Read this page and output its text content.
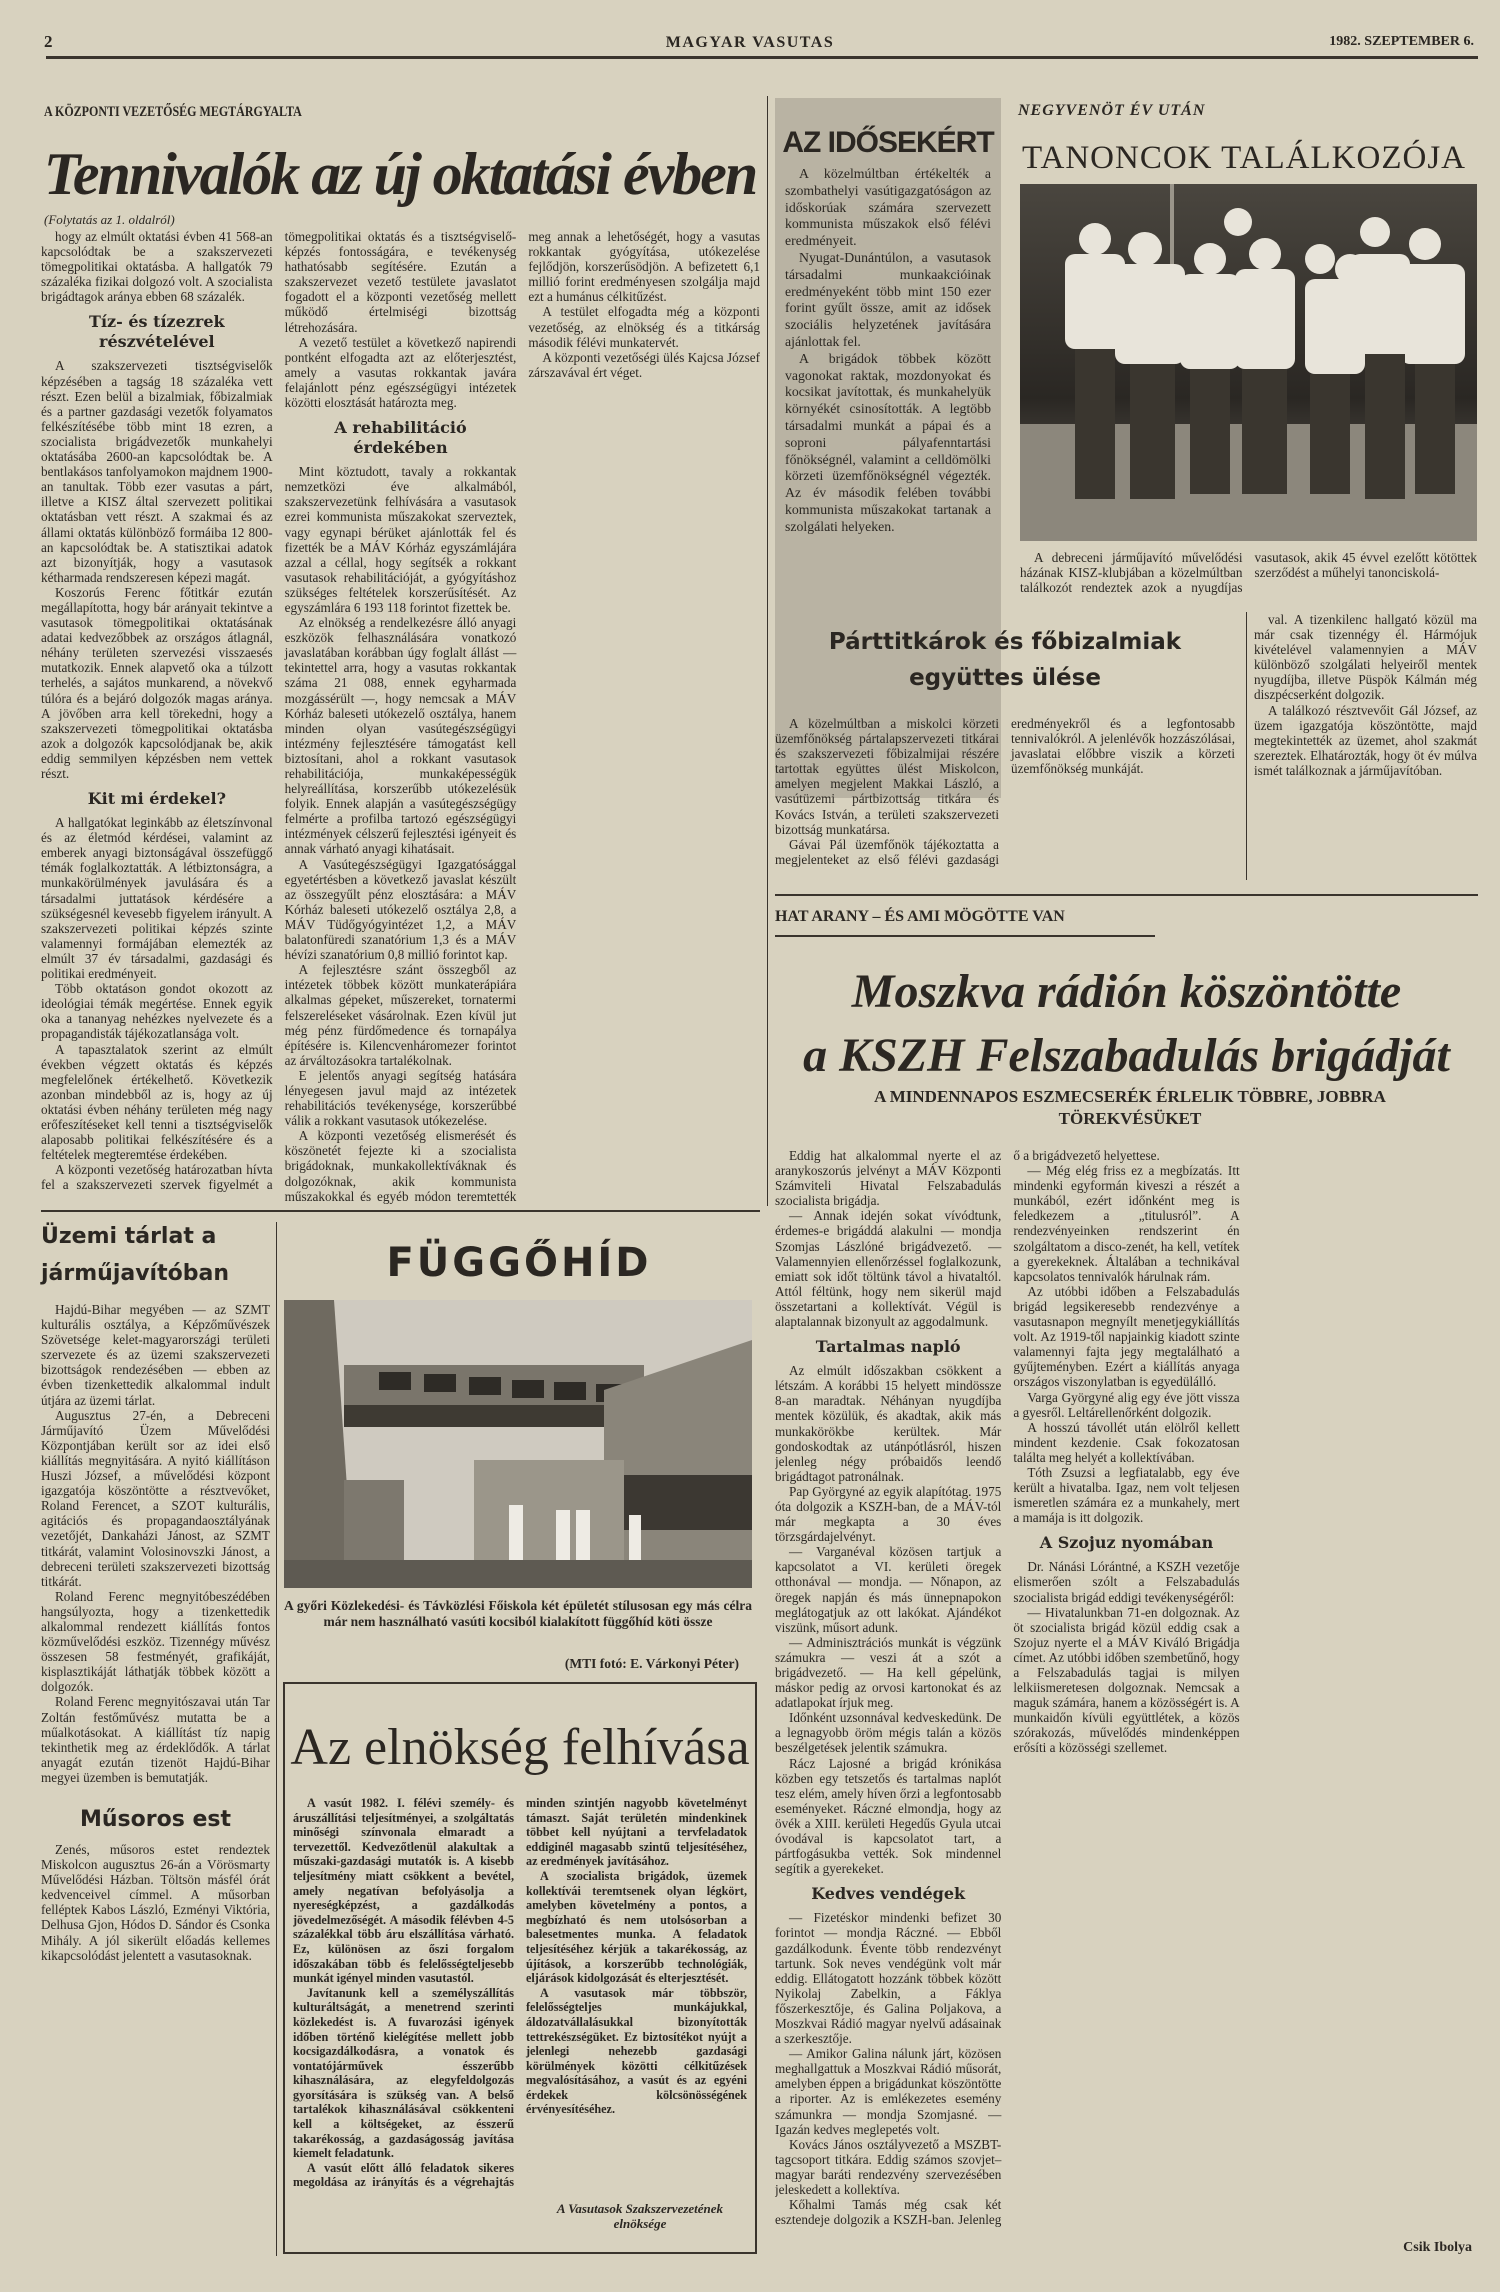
2	MAGYAR VASUTAS	1982. SZEPTEMBER 6.
A KÖZPONTI VEZETŐSÉG MEGTÁRGYALTA
Tennivalók az új oktatási évben
(Folytatás az 1. oldalról)

hogy az elmúlt oktatási évben 41 568-an kapcsolódtak be a szakszervezeti tömegpolitikai oktatásba. A hallgatók 79 százaléka fizikai dolgozó volt. A szocialista brigádtagok aránya ebben 68 százalék.

Tíz- és tízezrek részvételével

A szakszervezeti tisztségviselők képzésében a tagság 18 százaléka vett részt. Ezen belül a bizalmiak, főbizalmiak és a partner gazdasági vezetők folyamatos felkészítésébe több mint 18 ezren, a szocialista brigádvezetők munkahelyi oktatásába 2600-an kapcsolódtak be. A bentlakásos tanfolyamokon majdnem 1900-an tanultak. Több ezer vasutas a párt, illetve a KISZ által szervezett politikai oktatásban vett részt. A szakmai és az állami oktatás különböző formáiba 12 800-an kapcsolódtak be. A statisztikai adatok azt bizonyítják, hogy a vasutasok kétharmada rendszeresen képezi magát.

Koszorús Ferenc főtitkár ezután megállapította, hogy bár arányait tekintve a vasutasok tömegpolitikai oktatásának adatai kedvezőbbek az országos átlagnál, néhány területen szervezési visszaesés mutatkozik. Ennek alapvető oka a túlzott terhelés, a sajátos munkarend, a növekvő túlóra és a bejáró dolgozók magas aránya. A jövőben arra kell törekedni, hogy a szakszervezeti tömegpolitikai oktatásba azok a dolgozók kapcsolódjanak be, akik eddig semmilyen képzésben nem vettek részt.

Kit mi érdekel?

A hallgatókat leginkább az életszínvonal és az életmód kérdései, valamint az emberek anyagi biztonságával összefüggő témák foglalkoztatták. A létbiztonságra, a munkakörülmények javulására és a társadalmi juttatások kérdésére a szükségesnél kevesebb figyelem irányult. A szakszervezeti politikai képzés szinte valamennyi formájában elemezték az elmúlt 37 év társadalmi, gazdasági és politikai eredményeit.

Több oktatáson gondot okozott az ideológiai témák megértése. Ennek egyik oka a tananyag nehézkes nyelvezete és a propagandisták tájékozatlansága volt.

A tapasztalatok szerint az elmúlt években végzett oktatás és képzés megfelelőnek értékelhető. Következik azonban mindebből az is, hogy az új oktatási évben néhány területen még nagy erőfeszítéseket kell tenni a tisztségviselők alaposabb politikai felkészítésére és a feltételek megteremtése érdekében.

A központi vezetőség határozatban hívta fel a szakszervezeti szervek figyelmét a tömegpolitikai oktatás és a tisztségviselő-képzés fontosságára, e tevékenység hathatósabb segítésére. Ezután a szakszervezet vezető testülete javaslatot fogadott el a központi vezetőség mellett működő értelmiségi bizottság létrehozására.

A vezető testület a következő napirendi pontként elfogadta azt az előterjesztést, amely a vasutas rokkantak javára felajánlott pénz egészségügyi intézetek közötti elosztását határozta meg.

A rehabilitáció érdekében

Mint köztudott, tavaly a rokkantak nemzetközi éve alkalmából, szakszervezetünk felhívására a vasutasok ezrei kommunista műszakokat szerveztek, vagy egynapi bérüket ajánlották fel és fizették be a MÁV Kórház egyszámlájára azzal a céllal, hogy segítsék a rokkant vasutasok rehabilitációját, a gyógyításhoz szükséges feltételek korszerűsítését. Az egyszámlára 6 193 118 forintot fizettek be.

Az elnökség a rendelkezésre álló anyagi eszközök felhasználására vonatkozó javaslatában korábban úgy foglalt állást — tekintettel arra, hogy a vasutas rokkantak száma 21 088, ennek egyharmada mozgássérült —, hogy nemcsak a MÁV Kórház baleseti utókezelő osztálya, hanem minden olyan vasútegészségügyi intézmény fejlesztésére támogatást kell biztosítani, ahol a rokkant vasutasok rehabilitációja, munkaképességük helyreállítása, korszerűbb utókezelésük folyik. Ennek alapján a vasútegészségügy felmérte a profilba tartozó egészségügyi intézmények célszerű fejlesztési igényeit és annak várható anyagi kihatásait.

A Vasútegészségügyi Igazgatósággal egyetértésben a következő javaslat készült az összegyűlt pénz elosztására: a MÁV Kórház baleseti utókezelő osztálya 2,8, a MÁV Tüdőgyógyintézet 1,2, a MÁV balatonfüredi szanatórium 1,3 és a MÁV hévízi szanatórium 0,8 millió forintot kap.

A fejlesztésre szánt összegből az intézetek többek között munkaterápiára alkalmas gépeket, műszereket, tornatermi felszereléseket vásárolnak. Ezen kívül jut még pénz fürdőmedence és tornapálya építésére is. Kilencvenháromezer forintot az árváltozásokra tartalékolnak.

E jelentős anyagi segítség hatására lényegesen javul majd az intézetek rehabilitációs tevékenysége, korszerűbbé válik a rokkant vasutasok utókezelése.

A központi vezetőség elismerését és köszönetét fejezte ki a szocialista brigádoknak, munkakollektíváknak és dolgozóknak, akik kommunista műszakokkal és egyéb módon teremtették meg annak a lehetőségét, hogy a vasutas rokkantak gyógyítása, utókezelése fejlődjön, korszerűsödjön. A befizetett 6,1 millió forint eredményesen szolgálja majd ezt a humánus célkitűzést.

A testület elfogadta még a központi vezetőség, az elnökség és a titkárság második félévi munkatervét.

A központi vezetőségi ülés Kajcsa József zárszavával ért véget.

AZ IDŐSEKÉRT

A közelmúltban értékelték a szombathelyi vasútigazgatóságon az időskorúak számára szervezett kommunista műszakok első félévi eredményeit.

Nyugat-Dunántúlon, a vasutasok társadalmi munkaakcióinak eredményeként több mint 150 ezer forint gyűlt össze, amit az idősek szociális helyzetének javítására ajánlottak fel.

A brigádok többek között vagonokat raktak, mozdonyokat és kocsikat javítottak, és munkahelyük környékét csinosították. A legtöbb társadalmi munkát a pápai és a soproni pályafenntartási főnökségnél, valamint a celldömölki körzeti üzemfőnökségnél végezték. Az év második felében további kommunista műszakokat tartanak a szolgálati helyeken.

NEGYVENÖT ÉV UTÁN
TANONCOK TALÁLKOZÓJA

A debreceni járműjavító művelődési házának KISZ-klubjában a közelmúltban találkozót rendeztek azok a nyugdíjas vasutasok, akik 45 évvel ezelőtt kötöttek szerződést a műhelyi tanonciskolá-

val. A tizenkilenc hallgató közül ma már csak tizennégy él. Hármójuk kivételével valamennyien a MÁV különböző szolgálati helyeiről mentek nyugdíjba, illetve Püspök Kálmán még diszpécserként dolgozik.

A találkozó résztvevőit Gál József, az üzem igazgatója köszöntötte, majd megtekintették az üzemet, ahol szakmát szereztek. Elhatározták, hogy öt év múlva ismét találkoznak a járműjavítóban.

Párttitkárok és főbizalmiak együttes ülése

A közelmúltban a miskolci körzeti üzemfőnökség pártalapszervezeti titkárai és szakszervezeti főbizalmijai részére tartottak együttes ülést Miskolcon, amelyen megjelent Makkai László, a vasútüzemi pártbizottság titkára és Kovács István, a területi szakszervezeti bizottság munkatársa.

Gávai Pál üzemfőnök tájékoztatta a megjelenteket az első félévi gazdasági eredményekről és a legfontosabb tennivalókról. A jelenlévők hozzászólásai, javaslatai előbbre viszik a körzeti üzemfőnökség munkáját.

HAT ARANY – ÉS AMI MÖGÖTTE VAN
Moszkva rádión köszöntötte
a KSZH Felszabadulás brigádját
A MINDENNAPOS ESZMECSERÉK ÉRLELIK TÖBBRE, JOBBRA TÖREKVÉSÜKET

Eddig hat alkalommal nyerte el az aranykoszorús jelvényt a MÁV Központi Számviteli Hivatal Felszabadulás szocialista brigádja.

— Annak idején sokat vívódtunk, érdemes-e brigáddá alakulni — mondja Szomjas Lászlóné brigádvezető. — Valamennyien ellenőrzéssel foglalkozunk, emiatt sok időt töltünk távol a hivataltól. Attól féltünk, hogy nem sikerül majd összetartani a kollektívát. Végül is alaptalannak bizonyult az aggodalmunk.

Tartalmas napló

Az elmúlt időszakban csökkent a létszám. A korábbi 15 helyett mindössze 8-an maradtak. Néhányan nyugdíjba mentek közülük, és akadtak, akik más munkakörökbe kerültek. Már gondoskodtak az utánpótlásról, hiszen jelenleg négy próbaidős leendő brigádtagot patronálnak.

Pap Györgyné az egyik alapítótag. 1975 óta dolgozik a KSZH-ban, de a MÁV-tól már megkapta a 30 éves törzsgárdajelvényt.

— Varganéval közösen tartjuk a kapcsolatot a VI. kerületi öregek otthonával — mondja. — Nőnapon, az öregek napján és más ünnepnapokon meglátogatjuk az ott lakókat. Ajándékot viszünk, műsort adunk.

— Adminisztrációs munkát is végzünk számukra — veszi át a szót a brigádvezető. — Ha kell gépelünk, máskor pedig az orvosi kartonokat és az adatlapokat írjuk meg.

Időnként uzsonnával kedveskedünk. De a legnagyobb öröm mégis talán a közös beszélgetések jelentik számukra.

Rácz Lajosné a brigád krónikása közben egy tetszetős és tartalmas naplót tesz elém, amely híven őrzi a legfontosabb eseményeket. Ráczné elmondja, hogy az övék a XIII. kerületi Hegedűs Gyula utcai óvodával is kapcsolatot tart, a pártfogásukba vették. Sok mindennel segítik a gyerekeket.

Kedves vendégek

— Fizetéskor mindenki befizet 30 forintot — mondja Ráczné. — Ebből gazdálkodunk. Évente több rendezvényt tartunk. Sok neves vendégünk volt már eddig. Ellátogatott hozzánk többek között Nyikolaj Zabelkin, a Fáklya főszerkesztője, és Galina Poljakova, a Moszkvai Rádió magyar nyelvű adásainak a szerkesztője.

— Amikor Galina nálunk járt, közösen meghallgattuk a Moszkvai Rádió műsorát, amelyben éppen a brigádunkat köszöntötte a riporter. Az is emlékezetes esemény számunkra — mondja Szomjasné. — Igazán kedves meglepetés volt.

Kovács János osztályvezető a MSZBT-tagcsoport titkára. Eddig számos szovjet–magyar baráti rendezvény szervezésében jeleskedett a kollektíva.

Kőhalmi Tamás még csak két esztendeje dolgozik a KSZH-ban. Jelenleg ő a brigádvezető helyettese.

— Még elég friss ez a megbízatás. Itt mindenki egyformán kiveszi a részét a munkából, ezért időnként meg is feledkezem a „titulusról”. A rendezvényeinken rendszerint én szolgáltatom a disco-zenét, ha kell, vetítek a gyerekeknek. Általában a technikával kapcsolatos tennivalók hárulnak rám.

Az utóbbi időben a Felszabadulás brigád legsikeresebb rendezvénye a vasutasnapon megnyílt menetjegykiállítás volt. Az 1919-től napjainkig kiadott szinte valamennyi fajta jegy megtalálható a gyűjteményben. Ezért a kiállítás anyaga országos viszonylatban is egyedülálló.

Varga Györgyné alig egy éve jött vissza a gyesről. Leltárellenőrként dolgozik.

A hosszú távollét után elölről kellett mindent kezdenie. Csak fokozatosan találta meg helyét a kollektívában.

Tóth Zsuzsi a legfiatalabb, egy éve került a hivatalba. Igaz, nem volt teljesen ismeretlen számára ez a munkahely, mert a mamája is itt dolgozik.

A Szojuz nyomában

Dr. Nánási Lórántné, a KSZH vezetője elismerően szólt a Felszabadulás szocialista brigád eddigi tevékenységéről:

— Hivatalunkban 71-en dolgoznak. Az öt szocialista brigád közül eddig csak a Szojuz nyerte el a MÁV Kiváló Brigádja címet. Az utóbbi időben szembetűnő, hogy a Felszabadulás tagjai is milyen lelkiismeretesen dolgoznak. Nemcsak a maguk számára, hanem a közösségért is. A munkaidőn kívüli együttlétek, a közös szórakozás, művelődés mindenképpen erősíti a közösségi szellemet.

Csik Ibolya
Üzemi tárlat a járműjavítóban

Hajdú-Bihar megyében — az SZMT kulturális osztálya, a Képzőművészek Szövetsége kelet-magyarországi területi szervezete és az üzemi szakszervezeti bizottságok rendezésében — ebben az évben tizenkettedik alkalommal indult útjára az üzemi tárlat.

Augusztus 27-én, a Debreceni Járműjavító Üzem Művelődési Központjában került sor az idei első kiállítás megnyitására. A nyitó kiállításon Huszi József, a művelődési központ igazgatója köszöntötte a résztvevőket, Roland Ferencet, a SZOT kulturális, agitációs és propagandaosztályának vezetőjét, Dankaházi Jánost, az SZMT titkárát, valamint Volosinovszki Jánost, a debreceni területi szakszervezeti bizottság titkárát.

Roland Ferenc megnyitóbeszédében hangsúlyozta, hogy a tizenkettedik alkalommal rendezett kiállítás fontos közművelődési eszköz. Tizennégy művész összesen 58 festményét, grafikáját, kisplasztikáját láthatják többek között a dolgozók.

Roland Ferenc megnyitószavai után Tar Zoltán festőművész mutatta be a műalkotásokat. A kiállítást tíz napig tekinthetik meg az érdeklődők. A tárlat anyagát ezután tizenöt Hajdú-Bihar megyei üzemben is bemutatják.

Műsoros est

Zenés, műsoros estet rendeztek Miskolcon augusztus 26-án a Vörösmarty Művelődési Házban. Töltsön másfél órát kedvenceivel címmel. A műsorban felléptek Kabos László, Ezményi Viktória, Delhusa Gjon, Hódos D. Sándor és Csonka Mihály. A jól sikerült előadás kellemes kikapcsolódást jelentett a vasutasoknak.

FÜGGŐHÍD
A győri Közlekedési- és Távközlési Főiskola két épületét stílusosan egy más célra már nem használható vasúti kocsiból kialakított függőhíd köti össze
(MTI fotó: E. Várkonyi Péter)
Az elnökség felhívása

A vasút 1982. I. félévi személy- és áruszállítási teljesítményei, a szolgáltatás minőségi színvonala elmaradt a tervezettől. Kedvezőtlenül alakultak a műszaki-gazdasági mutatók is. A kisebb teljesítmény miatt csökkent a bevétel, amely negatívan befolyásolja a nyereségképzést, a gazdálkodás jövedelmezőségét. A második félévben 4-5 százalékkal több áru elszállítása várható. Ez, különösen az őszi forgalom időszakában több és felelősségteljesebb munkát igényel minden vasutastól.

Javítanunk kell a személyszállítás kulturáltságát, a menetrend szerinti közlekedést is. A fuvarozási igények időben történő kielégítése mellett jobb kocsigazdálkodásra, a vonatok és vontatójárművek ésszerűbb kihasználására, az elegyfeldolgozás gyorsítására is szükség van. A belső tartalékok kihasználásával csökkenteni kell a költségeket, az ésszerű takarékosság, a gazdaságosság javítása kiemelt feladatunk.

A vasút előtt álló feladatok sikeres megoldása az irányítás és a végrehajtás minden szintjén nagyobb követelményt támaszt. Saját területén mindenkinek többet kell nyújtani a tervfeladatok eddiginél magasabb szintű teljesítéséhez, az eredmények javításához.

A szocialista brigádok, üzemek kollektívái teremtsenek olyan légkört, amelyben követelmény a pontos, a megbízható és nem utolsósorban a balesetmentes munka. A feladatok teljesítéséhez kérjük a takarékosság, az újítások, a korszerűbb technológiák, eljárások kidolgozását és elterjesztését.

A vasutasok már többször, felelősségteljes munkájukkal, áldozatvállalásukkal bizonyították tettrekészségüket. Ez biztosítékot nyújt a jelenlegi nehezebb gazdasági körülmények közötti célkitűzések megvalósításához, a vasút és az egyéni érdekek kölcsönösségének érvényesítéséhez.

A Vasutasok Szakszervezetének elnöksége
